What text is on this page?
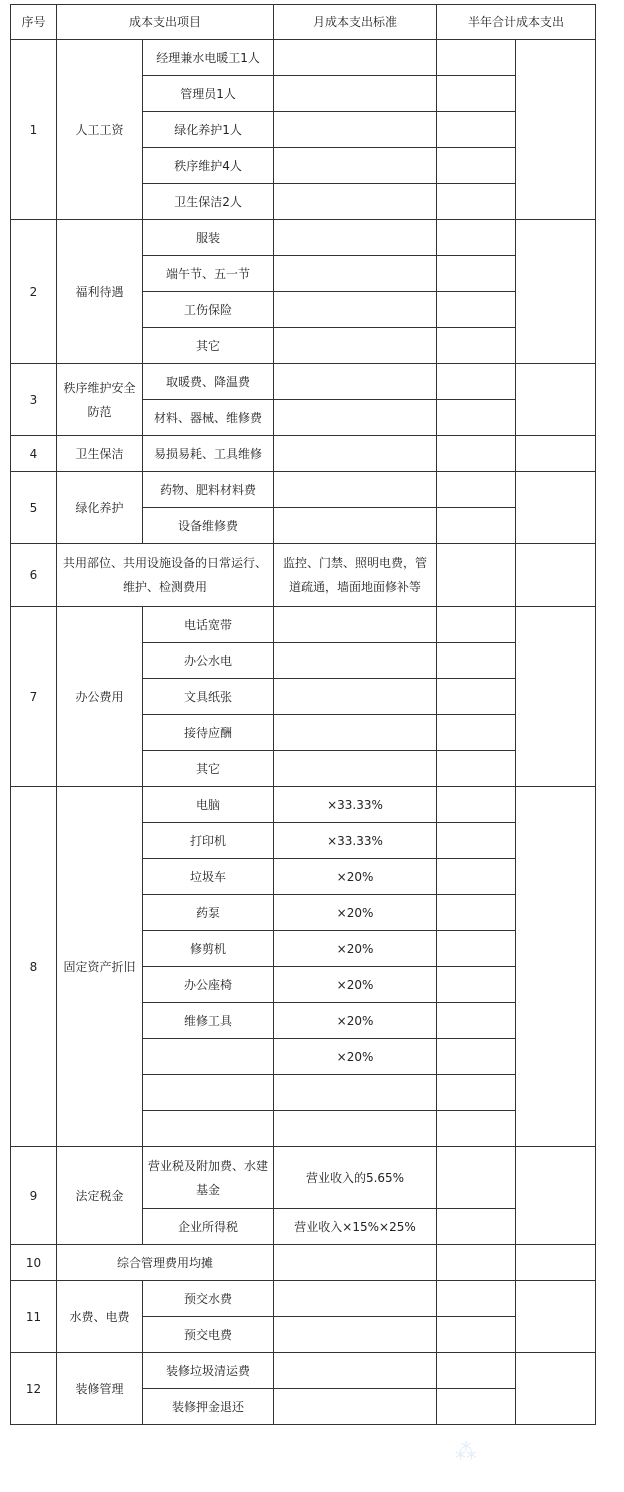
序号	成本支出项目		月成本支出标准	半年合计成本支出	
1	人工工资	经理兼水电暖工1人			
		管理员1人			
		绿化养护1人			
		秩序维护4人			
		卫生保洁2人			
2	福利待遇	服装			
		端午节、五一节			
		工伤保险			
		其它			
3	秩序维护安全防范	取暖费、降温费			
		材料、器械、维修费			
4	卫生保洁	易损易耗、工具维修			
5	绿化养护	药物、肥料材料费			
		设备维修费			
6	共用部位、共用设施设备的日常运行、维护、检测费用		监控、门禁、照明电费，管道疏通，墙面地面修补等		
7	办公费用	电话宽带			
		办公水电			
		文具纸张			
		接待应酬			
		其它			
8	固定资产折旧	电脑	×33.33%		
		打印机	×33.33%		
		垃圾车	×20%		
		药泵	×20%		
		修剪机	×20%		
		办公座椅	×20%		
		维修工具	×20%		
			×20%		

9	法定税金	营业税及附加费、水建基金	营业收入的5.65%		
		企业所得税	营业收入×15%×25%		
10	综合管理费用均摊				
11	水费、电费	预交水费			
		预交电费			
12	装修管理	装修垃圾清运费			
		装修押金退还			
⁂
